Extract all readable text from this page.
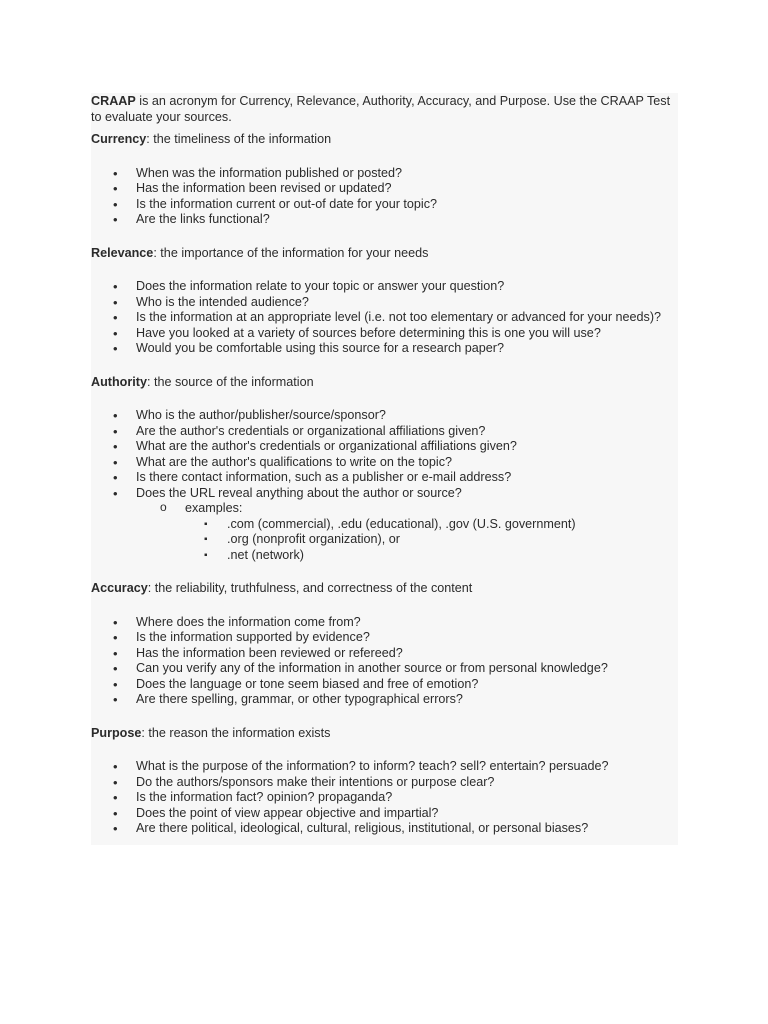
CRAAP is an acronym for Currency, Relevance, Authority, Accuracy, and Purpose. Use the CRAAP Test to evaluate your sources.

Currency: the timeliness of the information

• When was the information published or posted?
• Has the information been revised or updated?
• Is the information current or out-of date for your topic?
• Are the links functional?

Relevance: the importance of the information for your needs

• Does the information relate to your topic or answer your question?
• Who is the intended audience?
• Is the information at an appropriate level (i.e. not too elementary or advanced for your needs)?
• Have you looked at a variety of sources before determining this is one you will use?
• Would you be comfortable using this source for a research paper?

Authority: the source of the information

• Who is the author/publisher/source/sponsor?
• Are the author's credentials or organizational affiliations given?
• What are the author's credentials or organizational affiliations given?
• What are the author's qualifications to write on the topic?
• Is there contact information, such as a publisher or e-mail address?
• Does the URL reveal anything about the author or source?
o examples:
▪ .com (commercial), .edu (educational), .gov (U.S. government)
▪ .org (nonprofit organization), or
▪ .net (network)

Accuracy: the reliability, truthfulness, and correctness of the content

• Where does the information come from?
• Is the information supported by evidence?
• Has the information been reviewed or refereed?
• Can you verify any of the information in another source or from personal knowledge?
• Does the language or tone seem biased and free of emotion?
• Are there spelling, grammar, or other typographical errors?

Purpose: the reason the information exists

• What is the purpose of the information? to inform? teach? sell? entertain? persuade?
• Do the authors/sponsors make their intentions or purpose clear?
• Is the information fact? opinion? propaganda?
• Does the point of view appear objective and impartial?
• Are there political, ideological, cultural, religious, institutional, or personal biases?
